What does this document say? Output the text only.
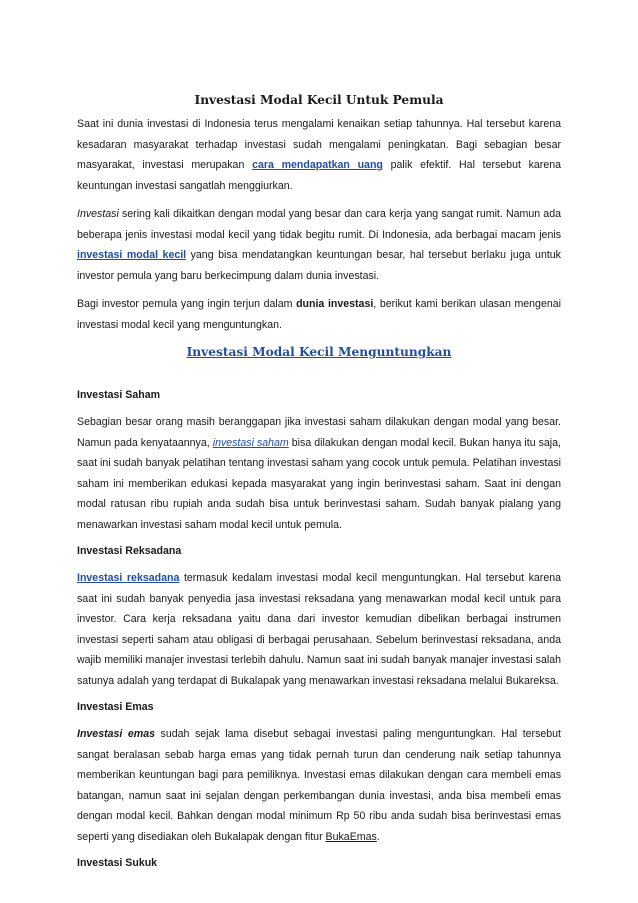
Investasi Modal Kecil Untuk Pemula

Saat ini dunia investasi di Indonesia terus mengalami kenaikan setiap tahunnya. Hal tersebut karena kesadaran masyarakat terhadap investasi sudah mengalami peningkatan. Bagi sebagian besar masyarakat, investasi merupakan cara mendapatkan uang palik efektif. Hal tersebut karena keuntungan investasi sangatlah menggiurkan.

Investasi sering kali dikaitkan dengan modal yang besar dan cara kerja yang sangat rumit. Namun ada beberapa jenis investasi modal kecil yang tidak begitu rumit. Di Indonesia, ada berbagai macam jenis investasi modal kecil yang bisa mendatangkan keuntungan besar, hal tersebut berlaku juga untuk investor pemula yang baru berkecimpung dalam dunia investasi.

Bagi investor pemula yang ingin terjun dalam dunia investasi, berikut kami berikan ulasan mengenai investasi modal kecil yang menguntungkan.

Investasi Modal Kecil Menguntungkan
Investasi Saham

Sebagian besar orang masih beranggapan jika investasi saham dilakukan dengan modal yang besar. Namun pada kenyataannya, investasi saham bisa dilakukan dengan modal kecil. Bukan hanya itu saja, saat ini sudah banyak pelatihan tentang investasi saham yang cocok untuk pemula. Pelatihan investasi saham ini memberikan edukasi kepada masyarakat yang ingin berinvestasi saham. Saat ini dengan modal ratusan ribu rupiah anda sudah bisa untuk berinvestasi saham. Sudah banyak pialang yang menawarkan investasi saham modal kecil untuk pemula.

Investasi Reksadana

Investasi reksadana termasuk kedalam investasi modal kecil menguntungkan. Hal tersebut karena saat ini sudah banyak penyedia jasa investasi reksadana yang menawarkan modal kecil untuk para investor. Cara kerja reksadana yaitu dana dari investor kemudian dibelikan berbagai instrumen investasi seperti saham atau obligasi di berbagai perusahaan. Sebelum berinvestasi reksadana, anda wajib memiliki manajer investasi terlebih dahulu. Namun saat ini sudah banyak manajer investasi salah satunya adalah yang terdapat di Bukalapak yang menawarkan investasi reksadana melalui Bukareksa.

Investasi Emas

Investasi emas sudah sejak lama disebut sebagai investasi paling menguntungkan. Hal tersebut sangat beralasan sebab harga emas yang tidak pernah turun dan cenderung naik setiap tahunnya memberikan keuntungan bagi para pemiliknya. Investasi emas dilakukan dengan cara membeli emas batangan, namun saat ini sejalan dengan perkembangan dunia investasi, anda bisa membeli emas dengan modal kecil. Bahkan dengan modal minimum Rp 50 ribu anda sudah bisa berinvestasi emas seperti yang disediakan oleh Bukalapak dengan fitur BukaEmas.

Investasi Sukuk
